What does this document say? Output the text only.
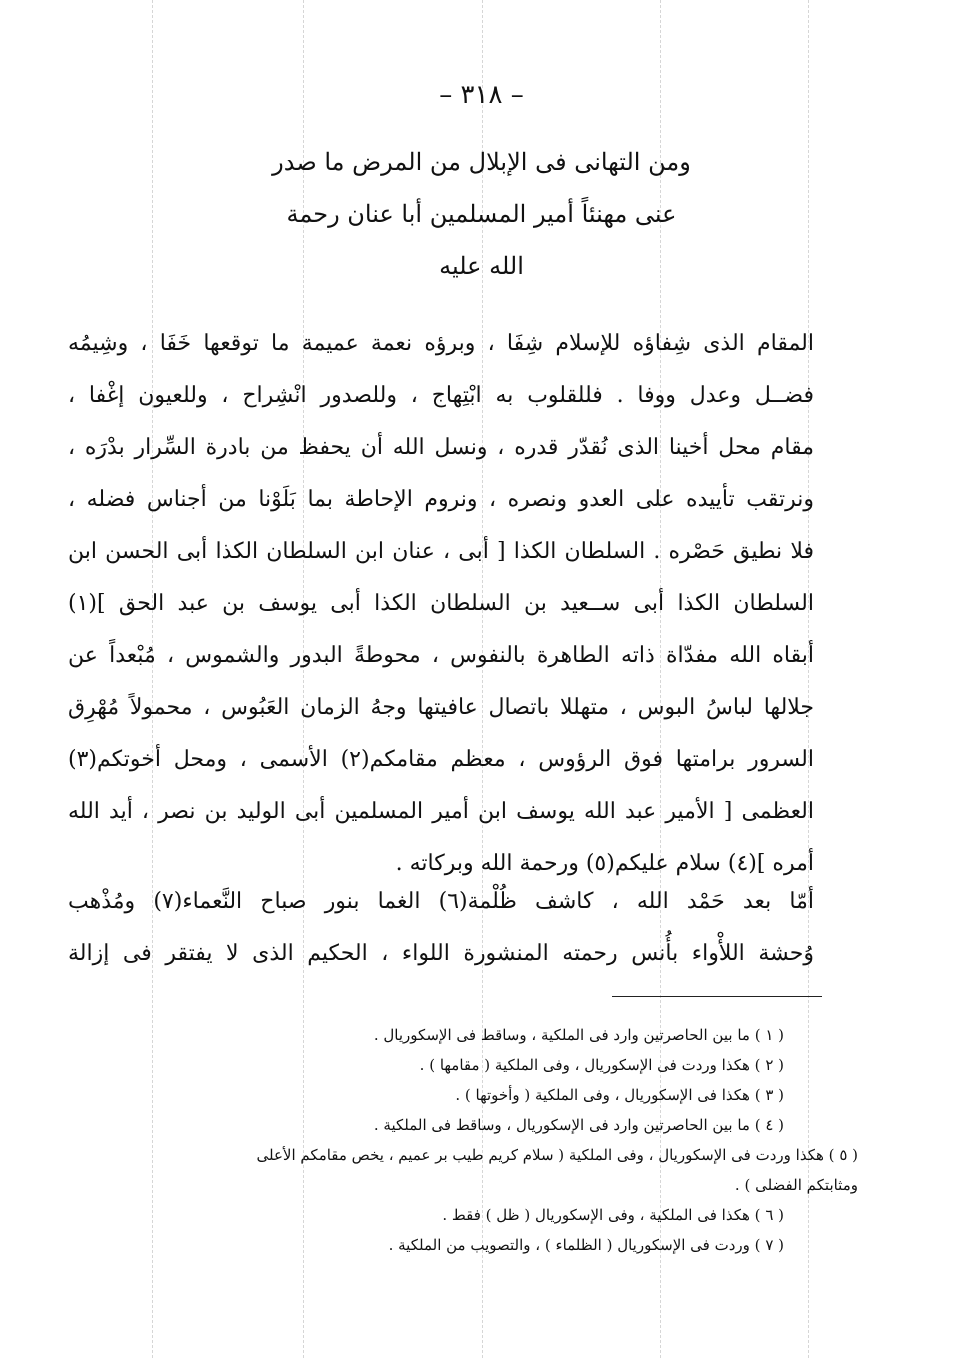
– ٣١٨ –
ومن التهانى فى الإبلال من المرض ما صدر
عنى مهنئاً أمير المسلمين أبا عنان رحمة
الله عليه
المقام الذى شِفاؤه للإسلام شِفَا ، وبرؤه نعمة عميمة ما توقعها خَفَا ، وشِيمُه
فضــل وعدل ووفا . فللقلوب به ابْتِهاج ، وللصدور انْشِراح ، وللعيون إغْفا ،
مقام محل أخينا الذى نُقدّر قدره ، ونسل الله أن يحفظ من بادرة السِّرار بدْرَه ،
ونرتقب تأييده على العدو ونصره ، ونروم الإحاطة بما بَلَوْنا من أجناس فضله ،
فلا نطيق حَصْره . السلطان الكذا [ أبى ، عنان ابن السلطان الكذا أبى الحسن ابن
السلطان الكذا أبى ســعيد بن السلطان الكذا أبى يوسف بن عبد الحق ](١)
أبقاه الله مفدّاة ذاته الطاهرة بالنفوس ، محوطةً البدور والشموس ، مُبْعداً عن
جلالها لباسُ البوس ، متهللا باتصال عافيتها وجهُ الزمان العَبُوس ، محمولاً مُهْرِق
السرور برامتها فوق الرؤوس ، معظم مقامكم(٢) الأسمى ، ومحل أخوتكم(٣)
العظمى [ الأمير عبد الله يوسف ابن أمير المسلمين أبى الوليد بن نصر ، أيد الله
أمره ](٤) سلام عليكم(٥) ورحمة الله وبركاته .
أمّا بعد حَمْد الله ، كاشف ظُلْمة(٦) الغما بنور صباح النَّعماء(٧) ومُذْهب
وُحشة اللأْواء بأُنس رحمته المنشورة اللواء ، الحكيم الذى لا يفتقر فى إزالة
( ١ ) ما بين الحاصرتين وارد فى الملكية ، وساقط فى الإسكوريال .
( ٢ ) هكذا وردت فى الإسكوريال ، وفى الملكية ( مقامها ) .
( ٣ ) هكذا فى الإسكوريال ، وفى الملكية ( وأخوتها ) .
( ٤ ) ما بين الحاصرتين وارد فى الإسكوريال ، وساقط فى الملكية .
( ٥ ) هكذا وردت فى الإسكوريال ، وفى الملكية ( سلام كريم طيب بر عميم ، يخص مقامكم الأعلى
ومثابتكم الفضلى ) .
( ٦ ) هكذا فى الملكية ، وفى الإسكوريال ( ظل ) فقط .
( ٧ ) وردت فى الإسكوريال ( الظلماء ) ، والتصويب من الملكية .
